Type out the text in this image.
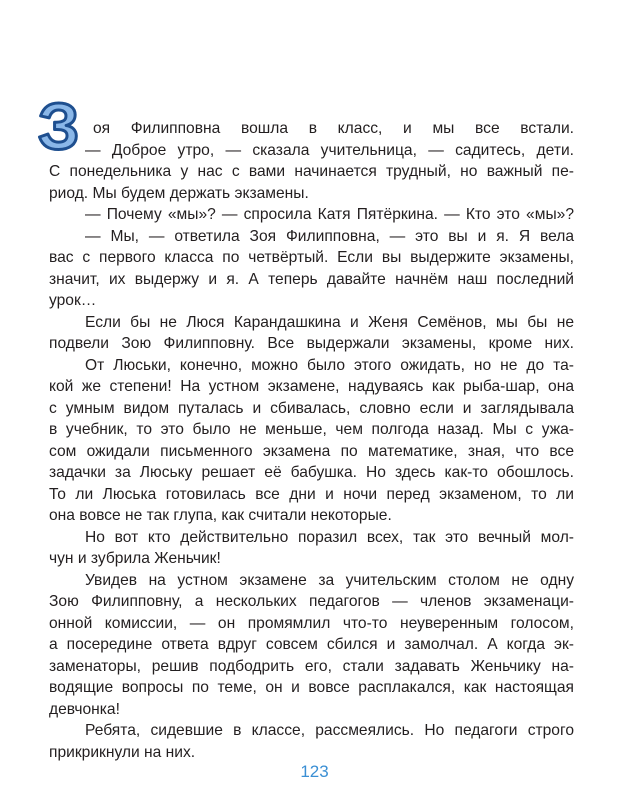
З оя Филипповна вошла в класс, и мы все встали.
— Доброе утро, — сказала учительница, — садитесь, дети.
С понедельника у нас с вами начинается трудный, но важный пе-
риод. Мы будем держать экзамены.
— Почему «мы»? — спросила Катя Пятёркина. — Кто это «мы»?
— Мы, — ответила Зоя Филипповна, — это вы и я. Я вела
вас с первого класса по четвёртый. Если вы выдержите экзамены,
значит, их выдержу и я. А теперь давайте начнём наш последний
урок…
Если бы не Люся Карандашкина и Женя Семёнов, мы бы не
подвели Зою Филипповну. Все выдержали экзамены, кроме них.
От Люськи, конечно, можно было этого ожидать, но не до та-
кой же степени! На устном экзамене, надуваясь как рыба-шар, она
с умным видом путалась и сбивалась, словно если и заглядывала
в учебник, то это было не меньше, чем полгода назад. Мы с ужа-
сом ожидали письменного экзамена по математике, зная, что все
задачки за Люську решает её бабушка. Но здесь как-то обошлось.
То ли Люська готовилась все дни и ночи перед экзаменом, то ли
она вовсе не так глупа, как считали некоторые.
Но вот кто действительно поразил всех, так это вечный мол-
чун и зубрила Женьчик!
Увидев на устном экзамене за учительским столом не одну
Зою Филипповну, а нескольких педагогов — членов экзаменаци-
онной комиссии, — он промямлил что-то неуверенным голосом,
а посередине ответа вдруг совсем сбился и замолчал. А когда эк-
заменаторы, решив подбодрить его, стали задавать Женьчику на-
водящие вопросы по теме, он и вовсе расплакался, как настоящая
девчонка!
Ребята, сидевшие в классе, рассмеялись. Но педагоги строго
прикрикнули на них.
123
